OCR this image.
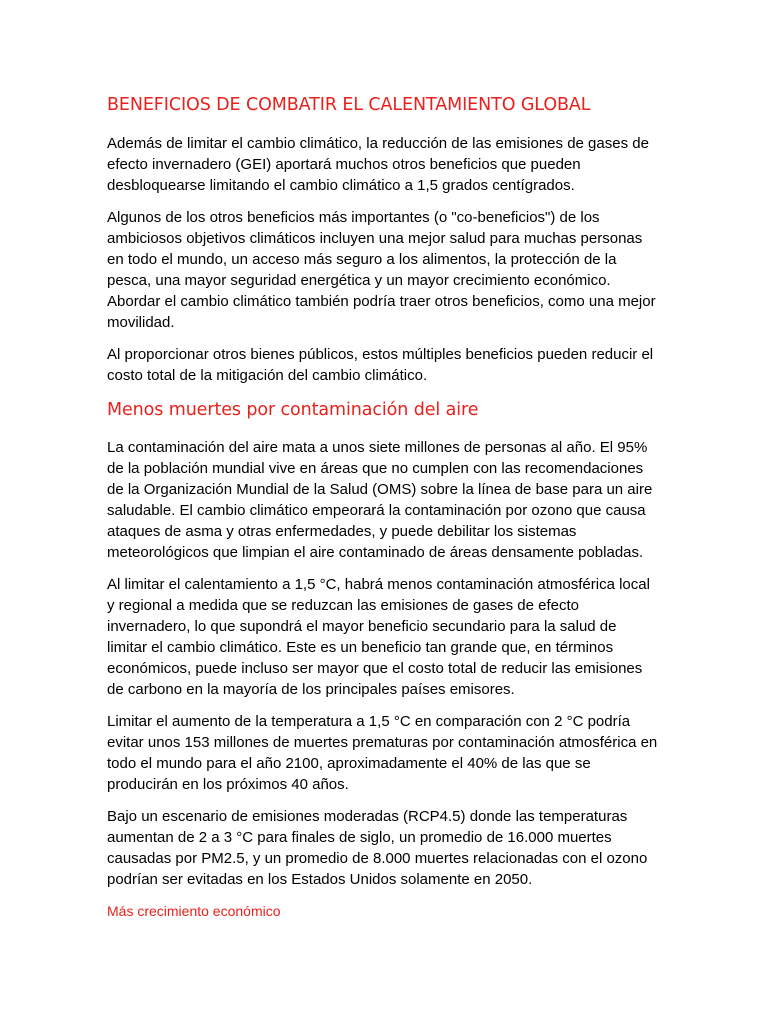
BENEFICIOS DE COMBATIR EL CALENTAMIENTO GLOBAL
Además de limitar el cambio climático, la reducción de las emisiones de gases de
efecto invernadero (GEI) aportará muchos otros beneficios que pueden
desbloquearse limitando el cambio climático a 1,5 grados centígrados.
Algunos de los otros beneficios más importantes (o "co-beneficios") de los
ambiciosos objetivos climáticos incluyen una mejor salud para muchas personas
en todo el mundo, un acceso más seguro a los alimentos, la protección de la
pesca, una mayor seguridad energética y un mayor crecimiento económico.
Abordar el cambio climático también podría traer otros beneficios, como una mejor
movilidad.
Al proporcionar otros bienes públicos, estos múltiples beneficios pueden reducir el
costo total de la mitigación del cambio climático.
Menos muertes por contaminación del aire
La contaminación del aire mata a unos siete millones de personas al año. El 95%
de la población mundial vive en áreas que no cumplen con las recomendaciones
de la Organización Mundial de la Salud (OMS) sobre la línea de base para un aire
saludable. El cambio climático empeorará la contaminación por ozono que causa
ataques de asma y otras enfermedades, y puede debilitar los sistemas
meteorológicos que limpian el aire contaminado de áreas densamente pobladas.
Al limitar el calentamiento a 1,5 °C, habrá menos contaminación atmosférica local
y regional a medida que se reduzcan las emisiones de gases de efecto
invernadero, lo que supondrá el mayor beneficio secundario para la salud de
limitar el cambio climático. Este es un beneficio tan grande que, en términos
económicos, puede incluso ser mayor que el costo total de reducir las emisiones
de carbono en la mayoría de los principales países emisores.
Limitar el aumento de la temperatura a 1,5 °C en comparación con 2 °C podría
evitar unos 153 millones de muertes prematuras por contaminación atmosférica en
todo el mundo para el año 2100, aproximadamente el 40% de las que se
producirán en los próximos 40 años.
Bajo un escenario de emisiones moderadas (RCP4.5) donde las temperaturas
aumentan de 2 a 3 °C para finales de siglo, un promedio de 16.000 muertes
causadas por PM2.5, y un promedio de 8.000 muertes relacionadas con el ozono
podrían ser evitadas en los Estados Unidos solamente en 2050.
Más crecimiento económico
